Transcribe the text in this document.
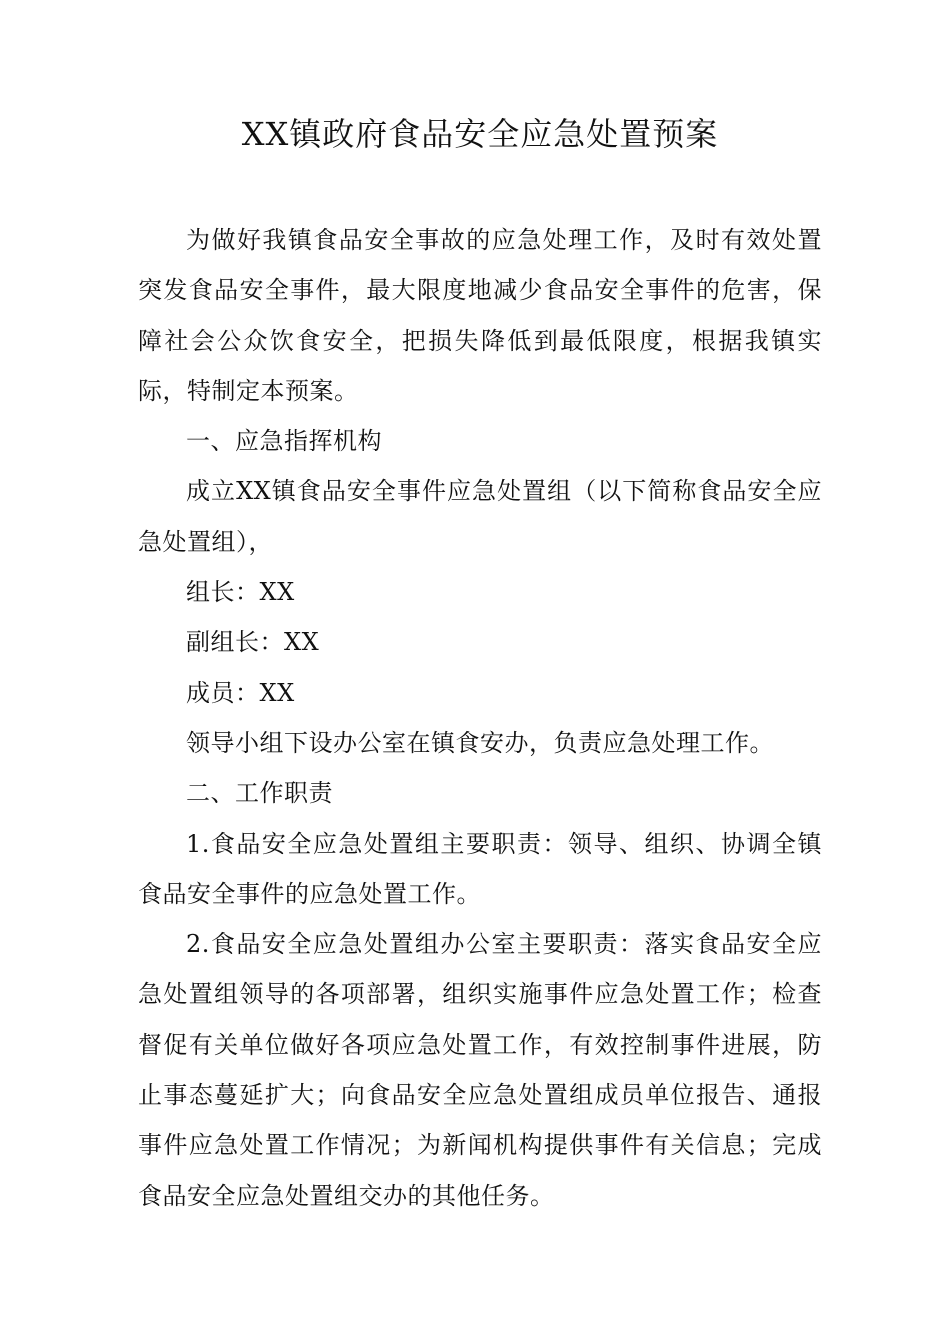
XX镇政府食品安全应急处置预案

为做好我镇食品安全事故的应急处理工作，及时有效处置突发食品安全事件，最大限度地减少食品安全事件的危害，保障社会公众饮食安全，把损失降低到最低限度，根据我镇实际，特制定本预案。

一、应急指挥机构

成立XX镇食品安全事件应急处置组（以下简称食品安全应急处置组），

组长：XX

副组长：XX

成员：XX

领导小组下设办公室在镇食安办，负责应急处理工作。

二、工作职责

1.食品安全应急处置组主要职责：领导、组织、协调全镇食品安全事件的应急处置工作。

2.食品安全应急处置组办公室主要职责：落实食品安全应急处置组领导的各项部署，组织实施事件应急处置工作；检查督促有关单位做好各项应急处置工作，有效控制事件进展，防止事态蔓延扩大；向食品安全应急处置组成员单位报告、通报事件应急处置工作情况；为新闻机构提供事件有关信息；完成食品安全应急处置组交办的其他任务。
